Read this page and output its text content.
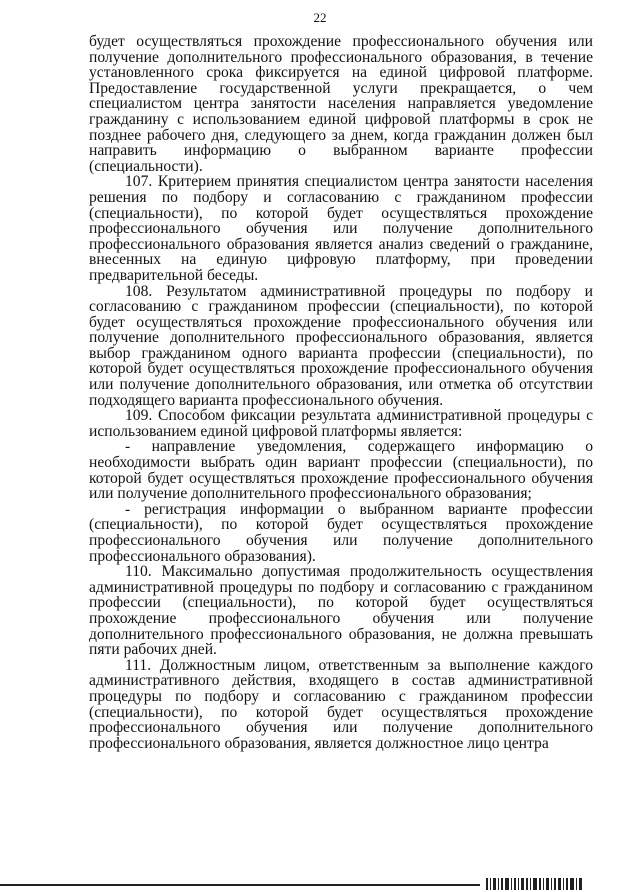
22

будет осуществляться прохождение профессионального обучения или получение дополнительного профессионального образования, в течение установленного срока фиксируется на единой цифровой платформе. Предоставление государственной услуги прекращается, о чем специалистом центра занятости населения направляется уведомление гражданину с использованием единой цифровой платформы в срок не позднее рабочего дня, следующего за днем, когда гражданин должен был направить информацию о выбранном варианте профессии (специальности).

107. Критерием принятия специалистом центра занятости населения решения по подбору и согласованию с гражданином профессии (специальности), по которой будет осуществляться прохождение профессионального обучения или получение дополнительного профессионального образования является анализ сведений о гражданине, внесенных на единую цифровую платформу, при проведении предварительной беседы.

108. Результатом административной процедуры по подбору и согласованию с гражданином профессии (специальности), по которой будет осуществляться прохождение профессионального обучения или получение дополнительного профессионального образования, является выбор гражданином одного варианта профессии (специальности), по которой будет осуществляться прохождение профессионального обучения или получение дополнительного образования, или отметка об отсутствии подходящего варианта профессионального обучения.

109. Способом фиксации результата административной процедуры с использованием единой цифровой платформы является:

- направление уведомления, содержащего информацию о необходимости выбрать один вариант профессии (специальности), по которой будет осуществляться прохождение профессионального обучения или получение дополнительного профессионального образования;

- регистрация информации о выбранном варианте профессии (специальности), по которой будет осуществляться прохождение профессионального обучения или получение дополнительного профессионального образования).

110. Максимально допустимая продолжительность осуществления административной процедуры по подбору и согласованию с гражданином профессии (специальности), по которой будет осуществляться прохождение профессионального обучения или получение дополнительного профессионального образования, не должна превышать пяти рабочих дней.

111. Должностным лицом, ответственным за выполнение каждого административного действия, входящего в состав административной процедуры по подбору и согласованию с гражданином профессии (специальности), по которой будет осуществляться прохождение профессионального обучения или получение дополнительного профессионального образования, является должностное лицо центра
